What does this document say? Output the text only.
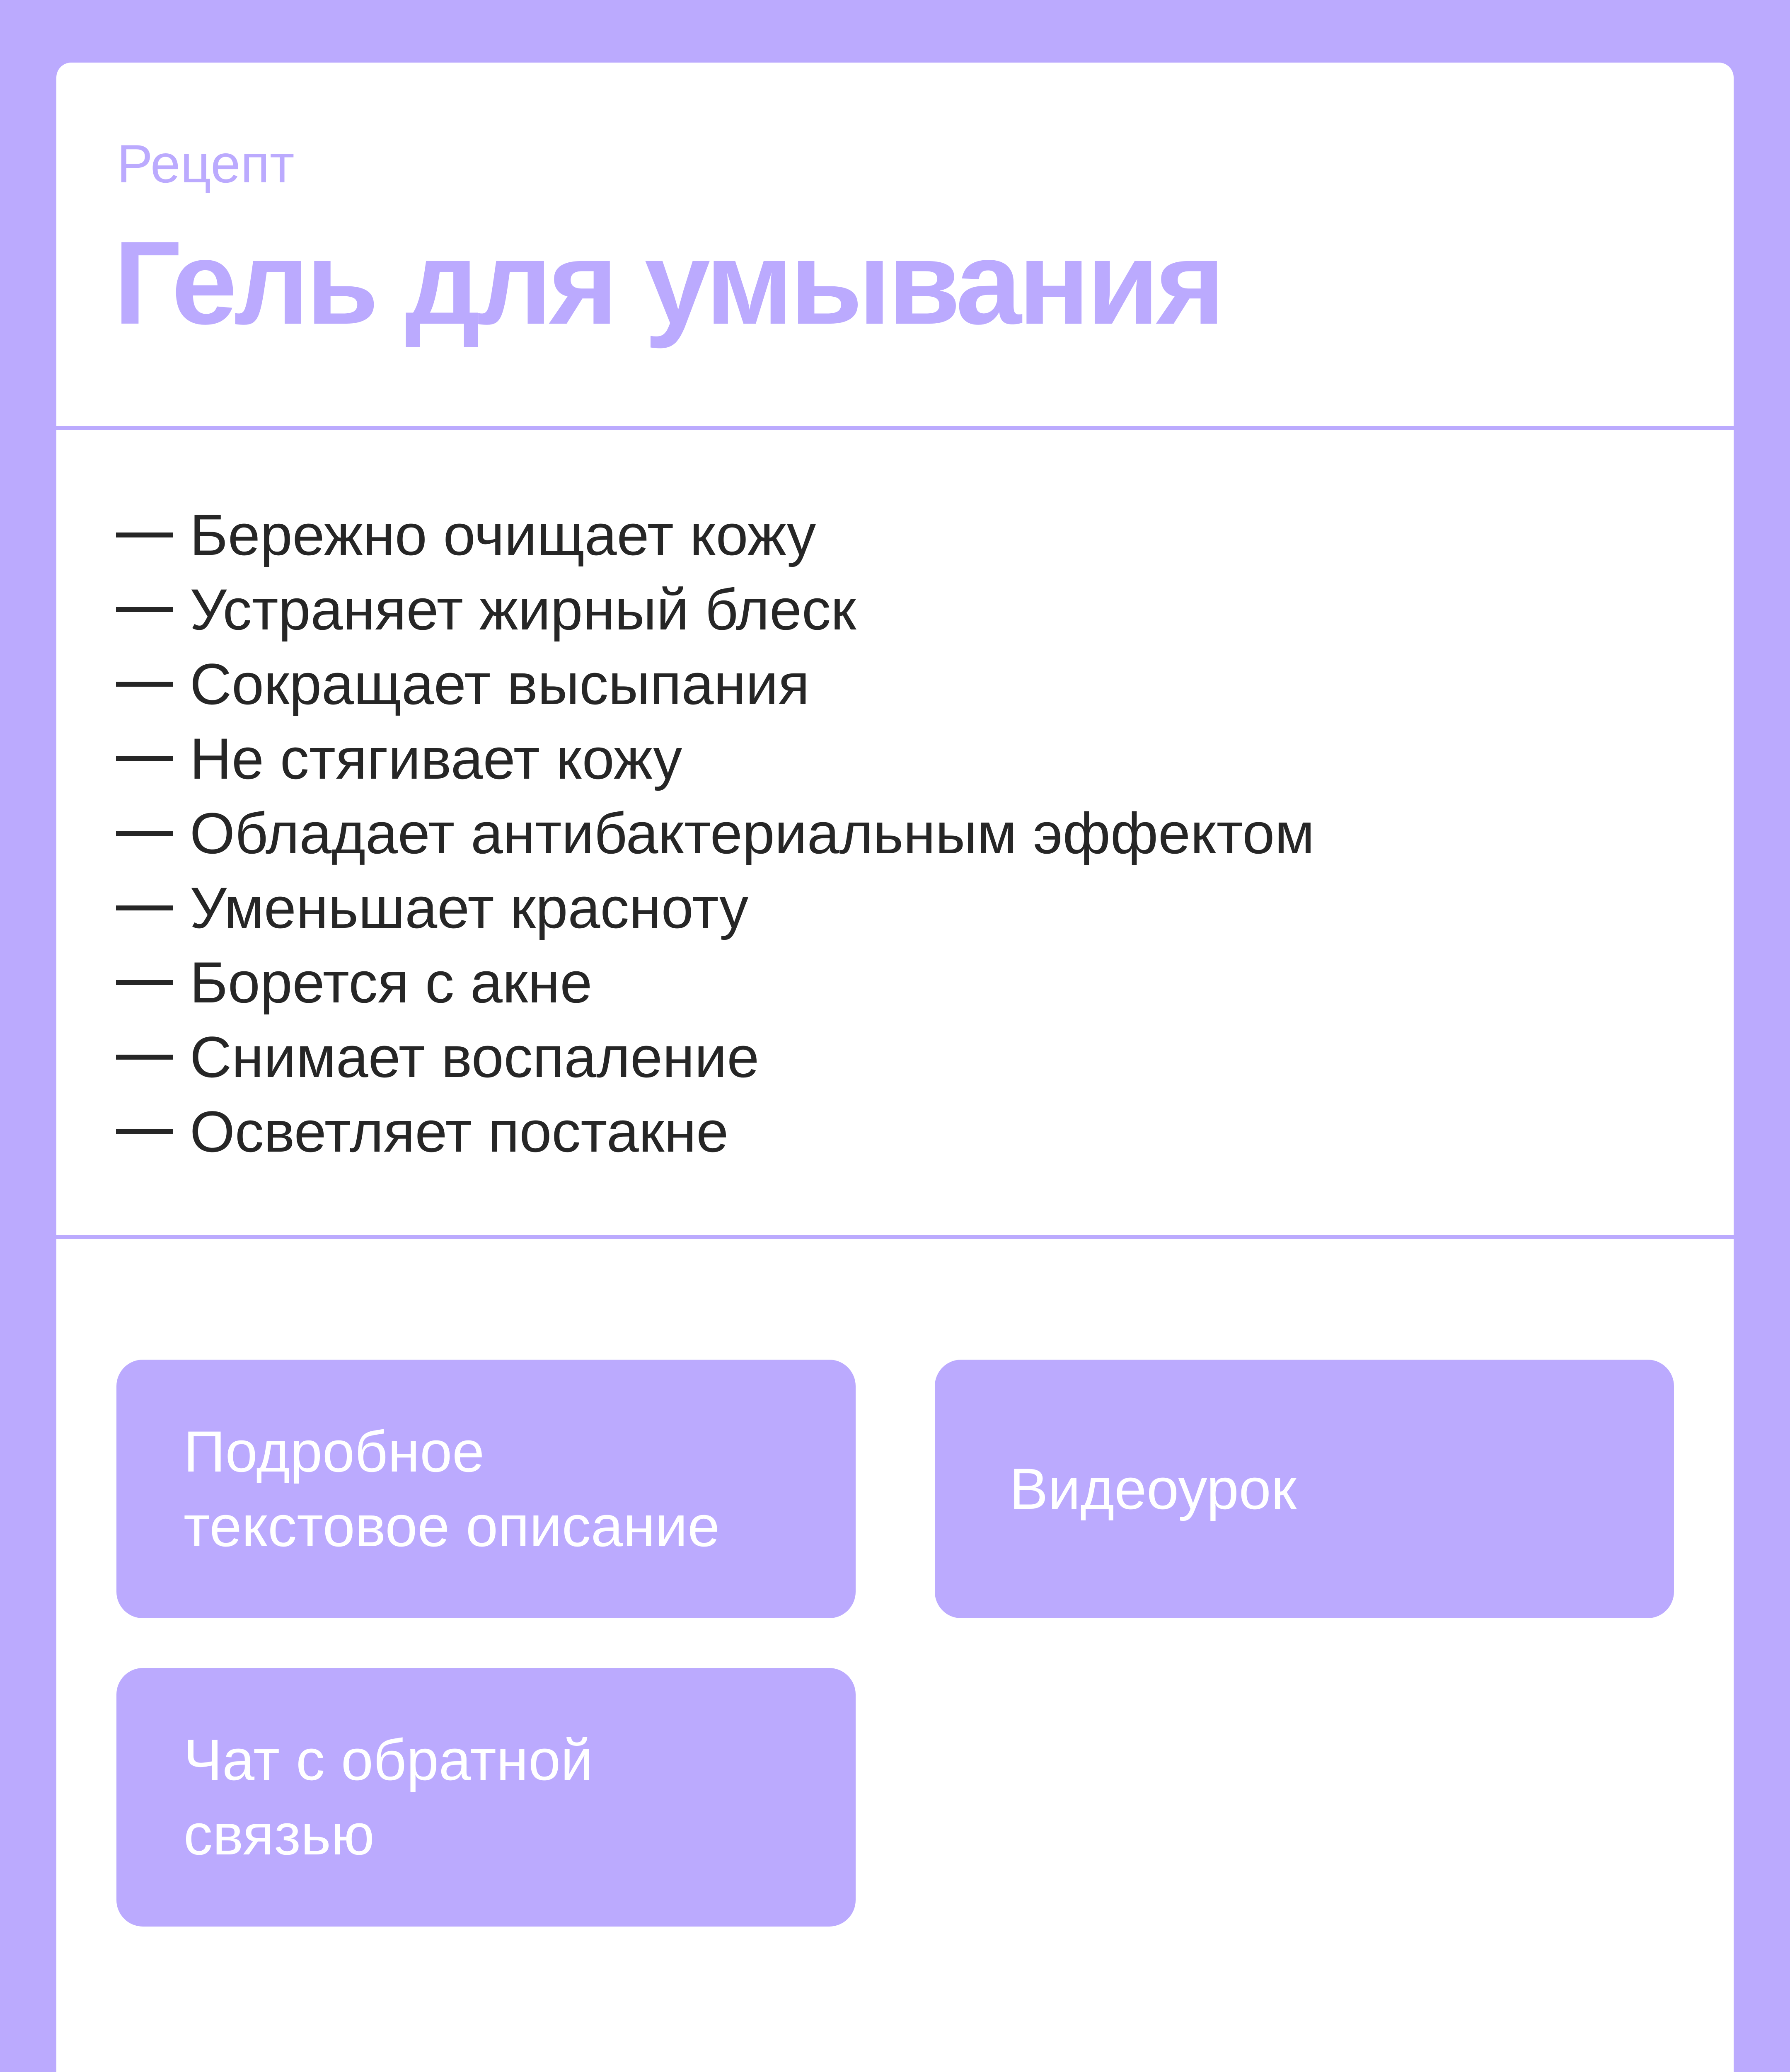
Рецепт
Гель для умывания
Бережно очищает кожу
Устраняет жирный блеск
Сокращает высыпания
Не стягивает кожу
Обладает антибактериальным эффектом
Уменьшает красноту
Борется с акне
Снимает воспаление
Осветляет постакне
Подробное
текстовое описание
Видеоурок
Чат с обратной
связью
